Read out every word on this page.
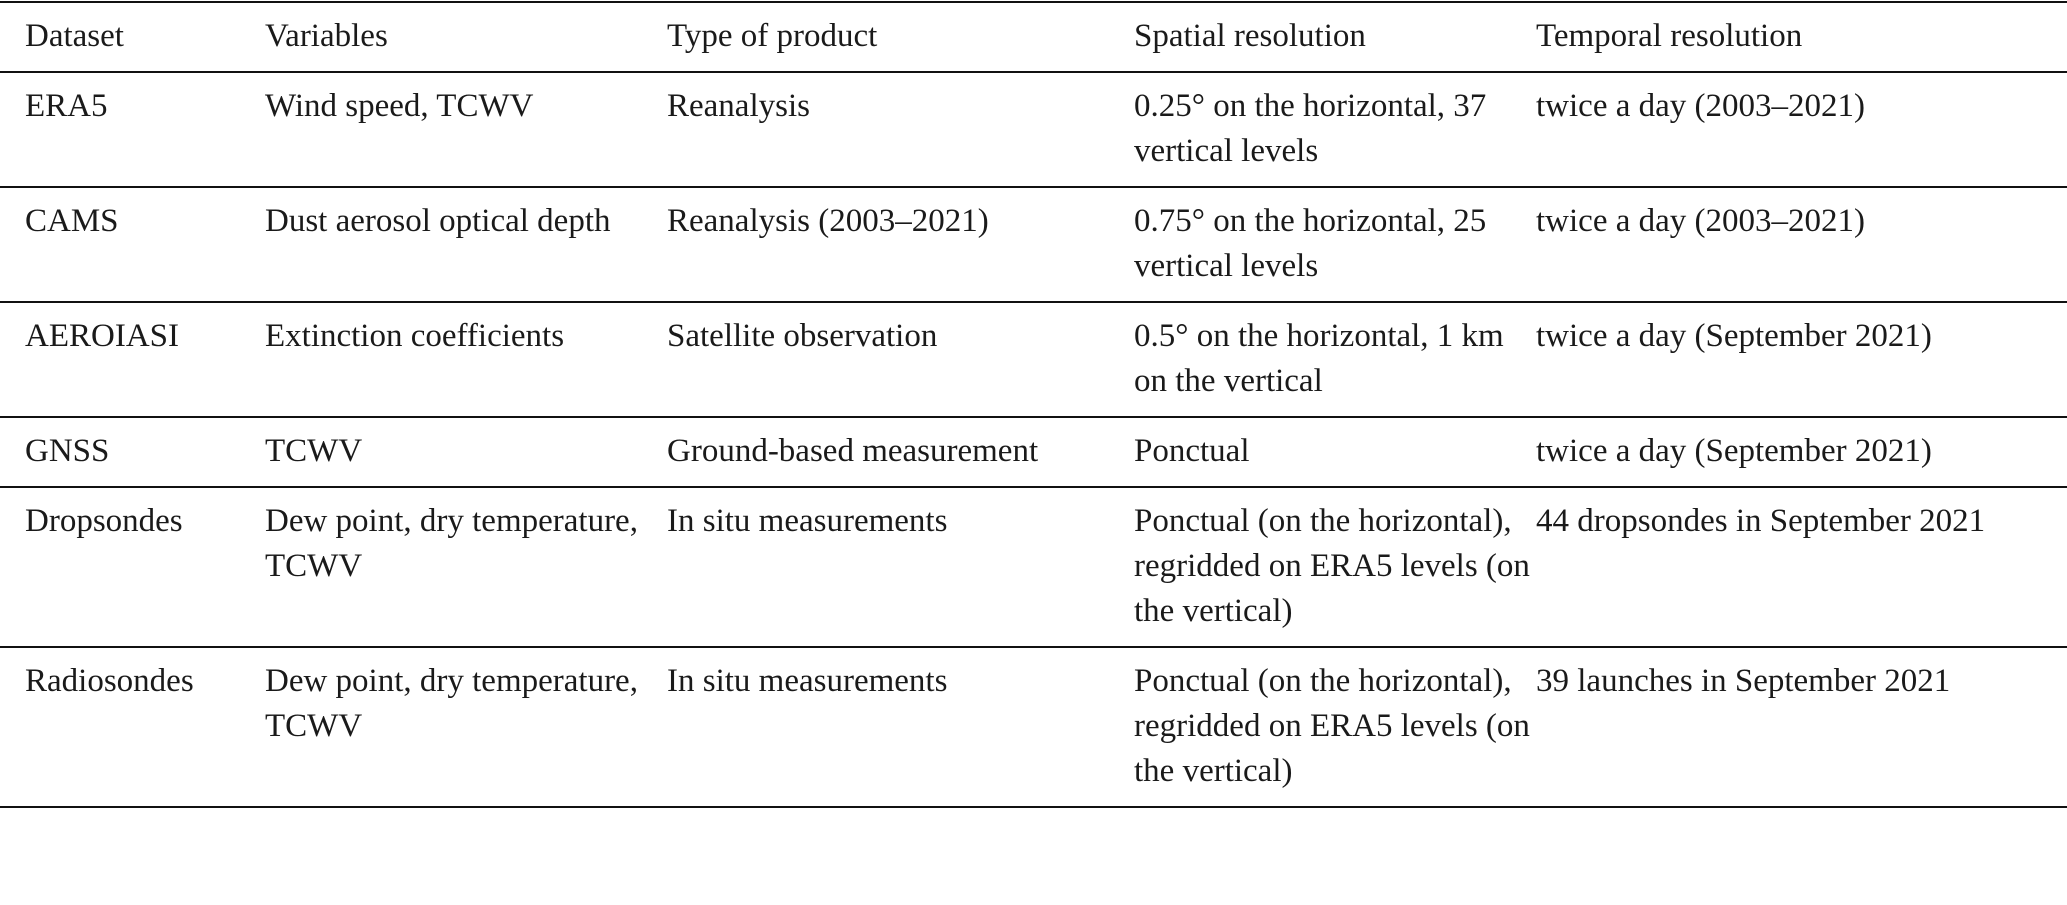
Dataset	Variables	Type of product	Spatial resolution	Temporal resolution
ERA5	Wind speed, TCWV	Reanalysis	0.25° on the horizontal, 37 vertical levels	twice a day (2003–2021)
CAMS	Dust aerosol optical depth	Reanalysis (2003–2021)	0.75° on the horizontal, 25 vertical levels	twice a day (2003–2021)
AEROIASI	Extinction coefficients	Satellite observation	0.5° on the horizontal, 1 km on the vertical	twice a day (September 2021)
GNSS	TCWV	Ground-based measurement	Ponctual	twice a day (September 2021)
Dropsondes	Dew point, dry temperature, TCWV	In situ measurements	Ponctual (on the horizontal), regridded on ERA5 levels (on the vertical)	44 dropsondes in September 2021
Radiosondes	Dew point, dry temperature, TCWV	In situ measurements	Ponctual (on the horizontal), regridded on ERA5 levels (on the vertical)	39 launches in September 2021
